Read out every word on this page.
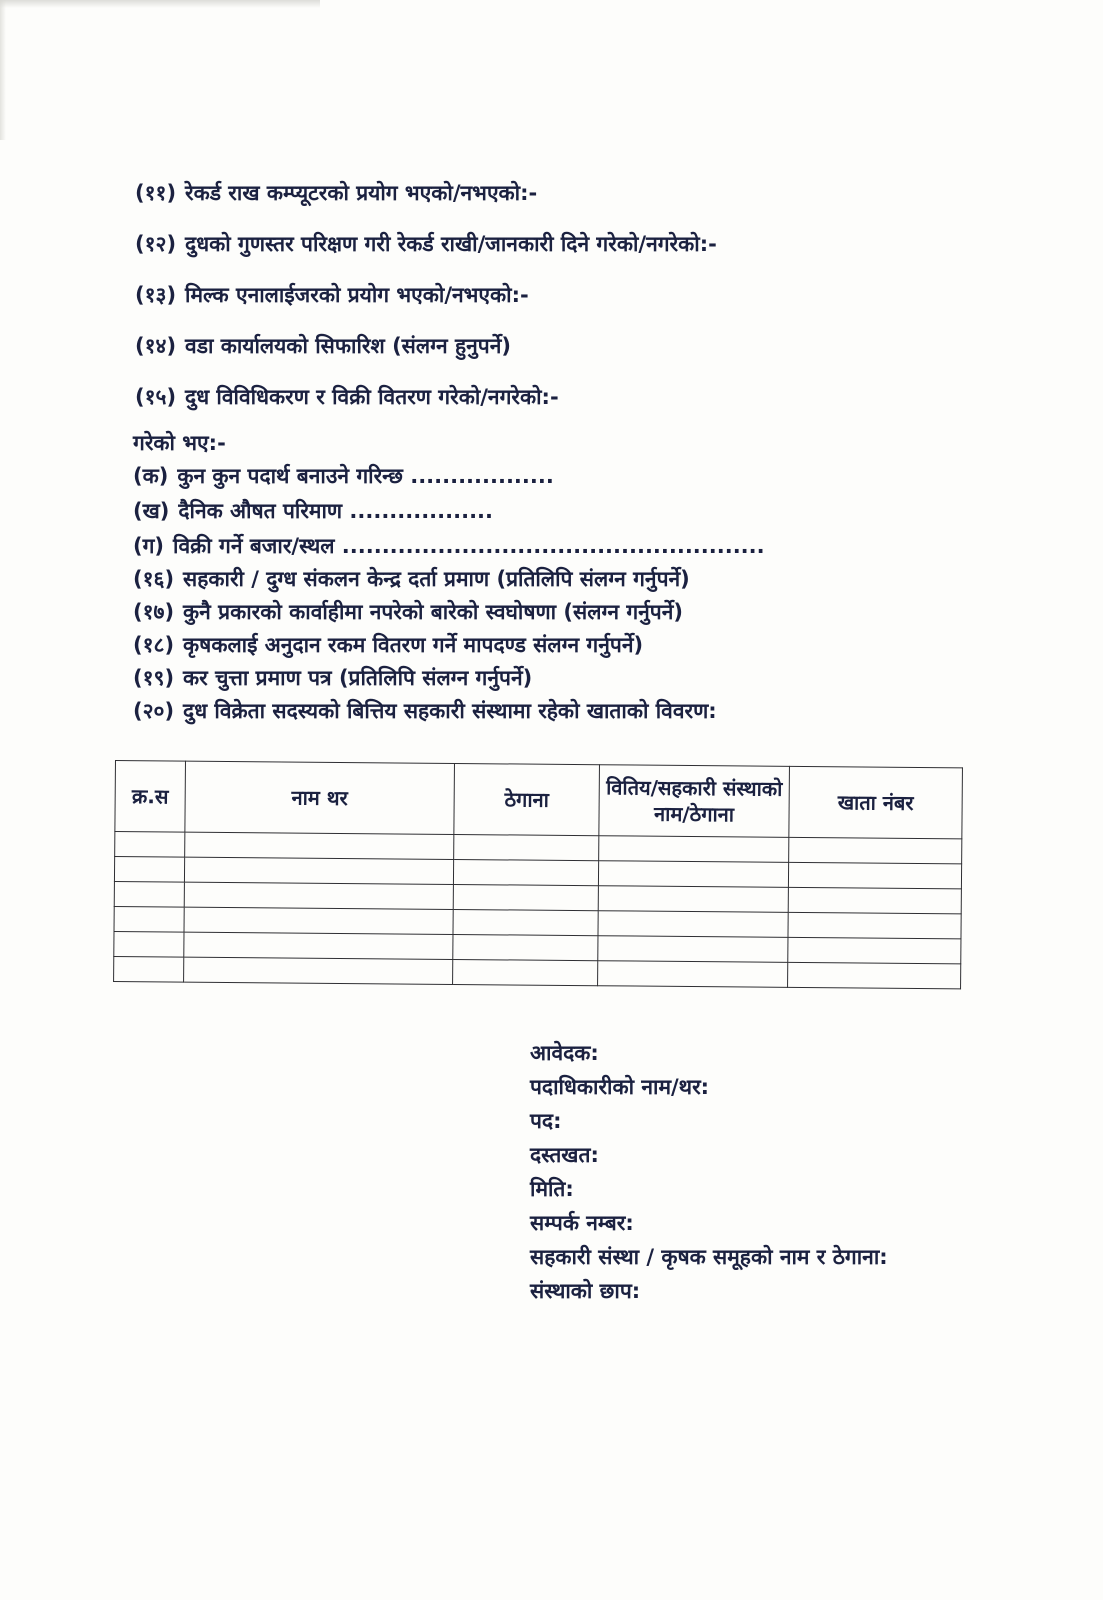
(११) रेकर्ड राख कम्प्यूटरको प्रयोग भएको/नभएको:-
(१२) दुधको गुणस्तर परिक्षण गरी रेकर्ड राखी/जानकारी दिने गरेको/नगरेको:-
(१३) मिल्क एनालाईजरको प्रयोग भएको/नभएको:-
(१४) वडा कार्यालयको सिफारिश (संलग्न हुनुपर्ने)
(१५) दुध विविधिकरण र विक्री वितरण गरेको/नगरेको:-
गरेको भए:-
(क) कुन कुन पदार्थ बनाउने गरिन्छ ..................
(ख) दैनिक औषत परिमाण ..................
(ग) विक्री गर्ने बजार/स्थल .....................................................
(१६) सहकारी / दुग्ध संकलन केन्द्र दर्ता प्रमाण (प्रतिलिपि संलग्न गर्नुपर्ने)
(१७) कुनै प्रकारको कार्वाहीमा नपरेको बारेको स्वघोषणा (संलग्न गर्नुपर्ने)
(१८) कृषकलाई अनुदान रकम वितरण गर्ने मापदण्ड संलग्न गर्नुपर्ने)
(१९) कर चुत्ता प्रमाण पत्र (प्रतिलिपि संलग्न गर्नुपर्ने)
(२०) दुध विक्रेता सदस्यको बित्तिय सहकारी संस्थामा रहेको खाताको विवरण:
क्र.स	नाम थर	ठेगाना	वितिय/सहकारी संस्थाको नाम/ठेगाना	खाता नंबर

आवेदक:
पदाधिकारीको नाम/थर:
पद:
दस्तखत:
मिति:
सम्पर्क नम्बर:
सहकारी संस्था / कृषक समूहको नाम र ठेगाना:
संस्थाको छाप:
